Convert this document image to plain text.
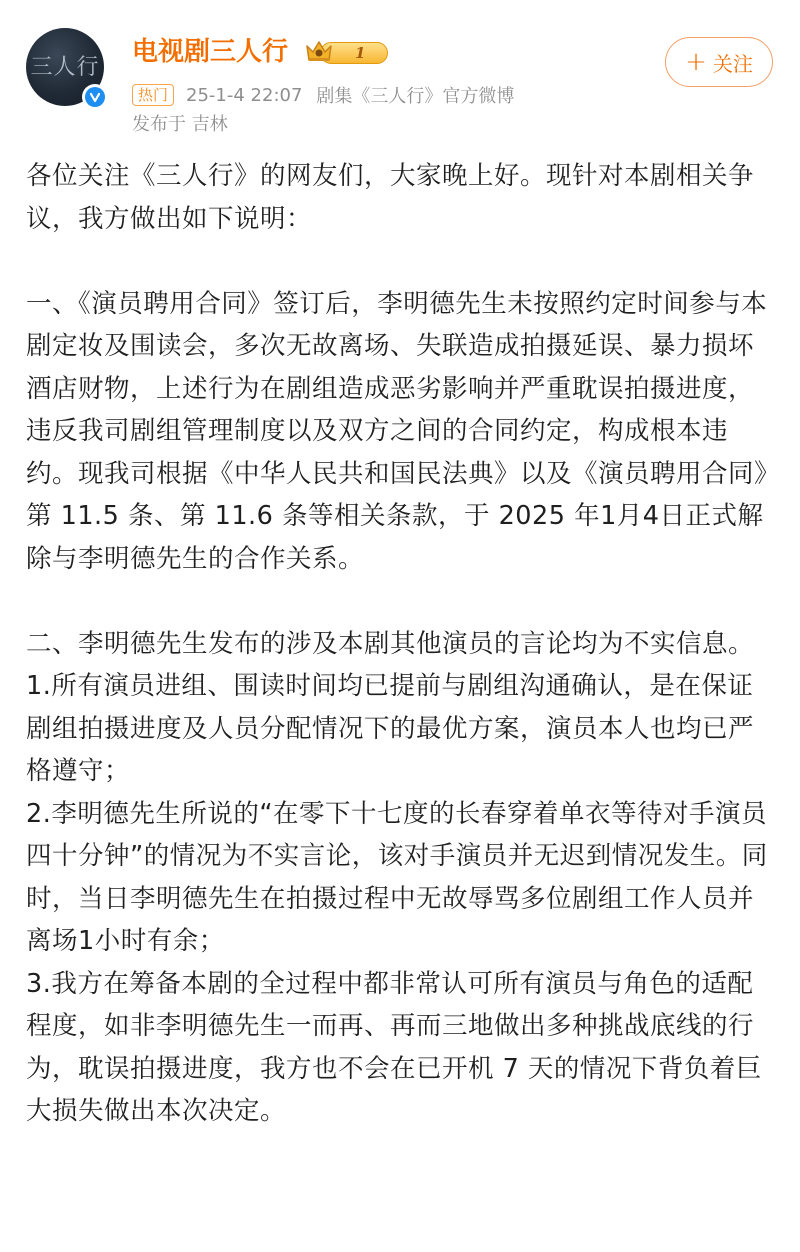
三人行 电视剧三人行	1
热门	25-1-4 22:07 剧集《三人行》官方微博
发布于 吉林
+ 关注

各位关注《三人行》的网友们，大家晚上好。现针对本剧相关争议，我方做出如下说明：

一、《演员聘用合同》签订后，李明德先生未按照约定时间参与本剧定妆及围读会，多次无故离场、失联造成拍摄延误、暴力损坏酒店财物，上述行为在剧组造成恶劣影响并严重耽误拍摄进度，违反我司剧组管理制度以及双方之间的合同约定，构成根本违约。现我司根据《中华人民共和国民法典》以及《演员聘用合同》第 11.5 条、第 11.6 条等相关条款，于 2025 年1月4日正式解除与李明德先生的合作关系。

二、李明德先生发布的涉及本剧其他演员的言论均为不实信息。

1.所有演员进组、围读时间均已提前与剧组沟通确认，是在保证剧组拍摄进度及人员分配情况下的最优方案，演员本人也均已严格遵守；

2.李明德先生所说的“在零下十七度的长春穿着单衣等待对手演员四十分钟”的情况为不实言论，该对手演员并无迟到情况发生。同时，当日李明德先生在拍摄过程中无故辱骂多位剧组工作人员并离场1小时有余；

3.我方在筹备本剧的全过程中都非常认可所有演员与角色的适配程度，如非李明德先生一而再、再而三地做出多种挑战底线的行为，耽误拍摄进度，我方也不会在已开机 7 天的情况下背负着巨大损失做出本次决定。
